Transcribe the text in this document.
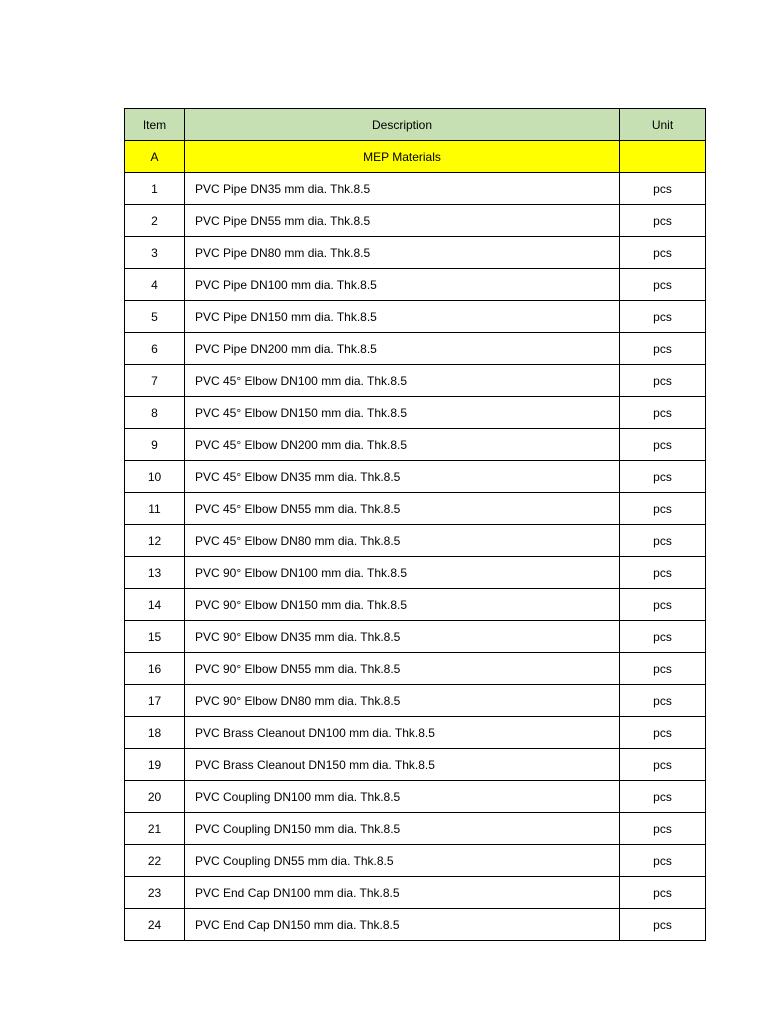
Item	Description	Unit
A	MEP Materials	
1	PVC Pipe DN35 mm dia. Thk.8.5	pcs
2	PVC Pipe DN55 mm dia. Thk.8.5	pcs
3	PVC Pipe DN80 mm dia. Thk.8.5	pcs
4	PVC Pipe DN100 mm dia. Thk.8.5	pcs
5	PVC Pipe DN150 mm dia. Thk.8.5	pcs
6	PVC Pipe DN200 mm dia. Thk.8.5	pcs
7	PVC 45° Elbow DN100 mm dia. Thk.8.5	pcs
8	PVC 45° Elbow DN150 mm dia. Thk.8.5	pcs
9	PVC 45° Elbow DN200 mm dia. Thk.8.5	pcs
10	PVC 45° Elbow DN35 mm dia. Thk.8.5	pcs
11	PVC 45° Elbow DN55 mm dia. Thk.8.5	pcs
12	PVC 45° Elbow DN80 mm dia. Thk.8.5	pcs
13	PVC 90° Elbow DN100 mm dia. Thk.8.5	pcs
14	PVC 90° Elbow DN150 mm dia. Thk.8.5	pcs
15	PVC 90° Elbow DN35 mm dia. Thk.8.5	pcs
16	PVC 90° Elbow DN55 mm dia. Thk.8.5	pcs
17	PVC 90° Elbow DN80 mm dia. Thk.8.5	pcs
18	PVC Brass Cleanout DN100 mm dia. Thk.8.5	pcs
19	PVC Brass Cleanout DN150 mm dia. Thk.8.5	pcs
20	PVC Coupling DN100 mm dia. Thk.8.5	pcs
21	PVC Coupling DN150 mm dia. Thk.8.5	pcs
22	PVC Coupling DN55 mm dia. Thk.8.5	pcs
23	PVC End Cap DN100 mm dia. Thk.8.5	pcs
24	PVC End Cap DN150 mm dia. Thk.8.5	pcs
